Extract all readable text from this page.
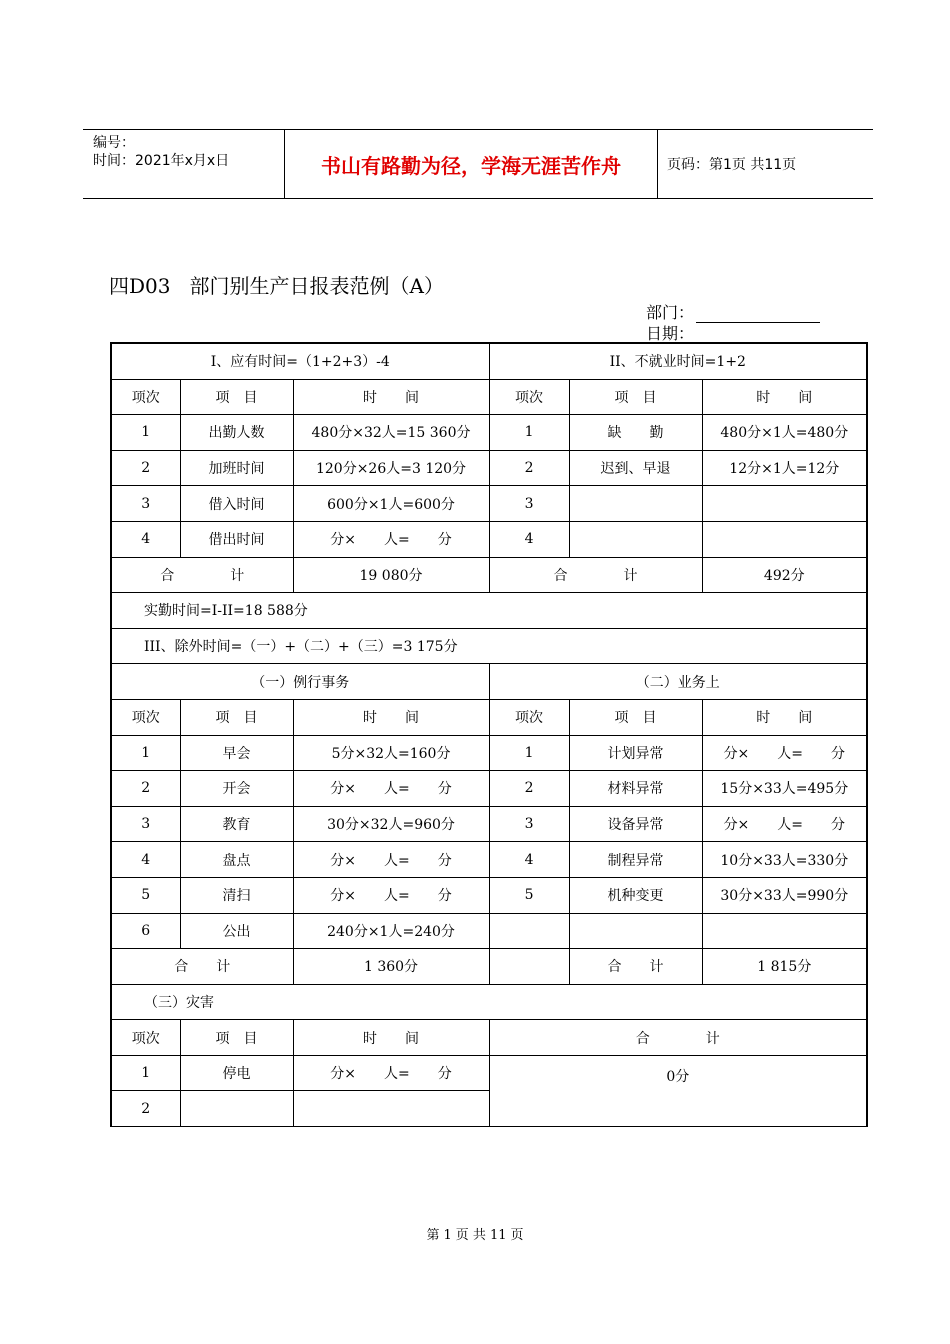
编号：
时间：2021年x月x日	书山有路勤为径，学海无涯苦作舟	页码：第1页 共11页
四D03   部门别生产日报表范例（A）
部门：
日期：
I、应有时间=（1+2+3）-4			II、不就业时间=1+2		
项次	项　目	时　　间	项次	项　目	时　　间
1	出勤人数	480分×32人=15 360分	1	缺　　勤	480分×1人=480分
2	加班时间	120分×26人=3 120分	2	迟到、早退	12分×1人=12分
3	借入时间	600分×1人=600分	3		
4	借出时间	分×　　人=　　分	4		
合　　　　计		19 080分	合　　　　计		492分
实勤时间=I-II=18 588分					
III、除外时间=（一）+（二）+（三）=3 175分					
（一）例行事务			（二）业务上		
项次	项　目	时　　间	项次	项　目	时　　间
1	早会	5分×32人=160分	1	计划异常	分×　　人=　　分
2	开会	分×　　人=　　分	2	材料异常	15分×33人=495分
3	教育	30分×32人=960分	3	设备异常	分×　　人=　　分
4	盘点	分×　　人=　　分	4	制程异常	10分×33人=330分
5	清扫	分×　　人=　　分	5	机种变更	30分×33人=990分
6	公出	240分×1人=240分			
合　　计		1 360分		合　　计	1 815分
（三）灾害					
项次	项　目	时　　间	合　　　　计		
1	停电	分×　　人=　　分	0分		
2					
第 1 页 共 11 页
